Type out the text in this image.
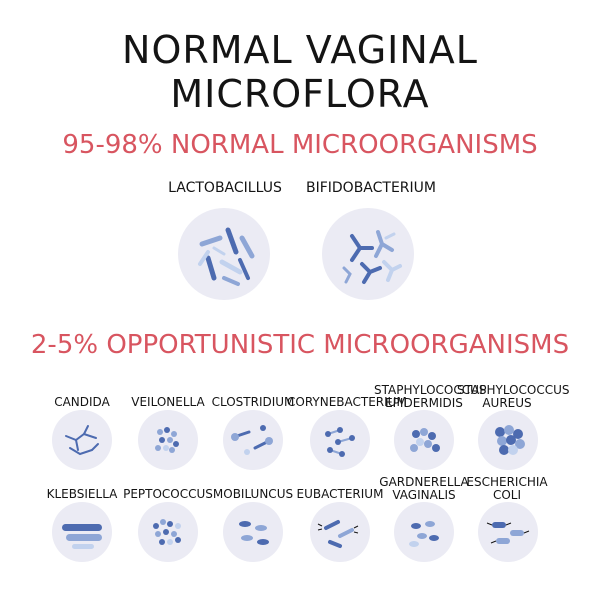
NORMAL VAGINAL MICROFLORA
95-98% NORMAL MICROORGANISMS
LACTOBACILLUS	BIFIDOBACTERIUM
2-5% OPPORTUNISTIC MICROORGANISMS
CANDIDA	VEILONELLA CLOSTRIDIUM
CORYNEBACTERIUM
STAPHYLOCOCCUS
EPIDERMIDIS
STAPHYLOCOCCUS
AUREUS
KLEBSIELLA PEPTOCOCCUS MOBILUNCUS EUBACTERIUM
GARDNERELLA
VAGINALIS
ESCHERICHIA
COLI
